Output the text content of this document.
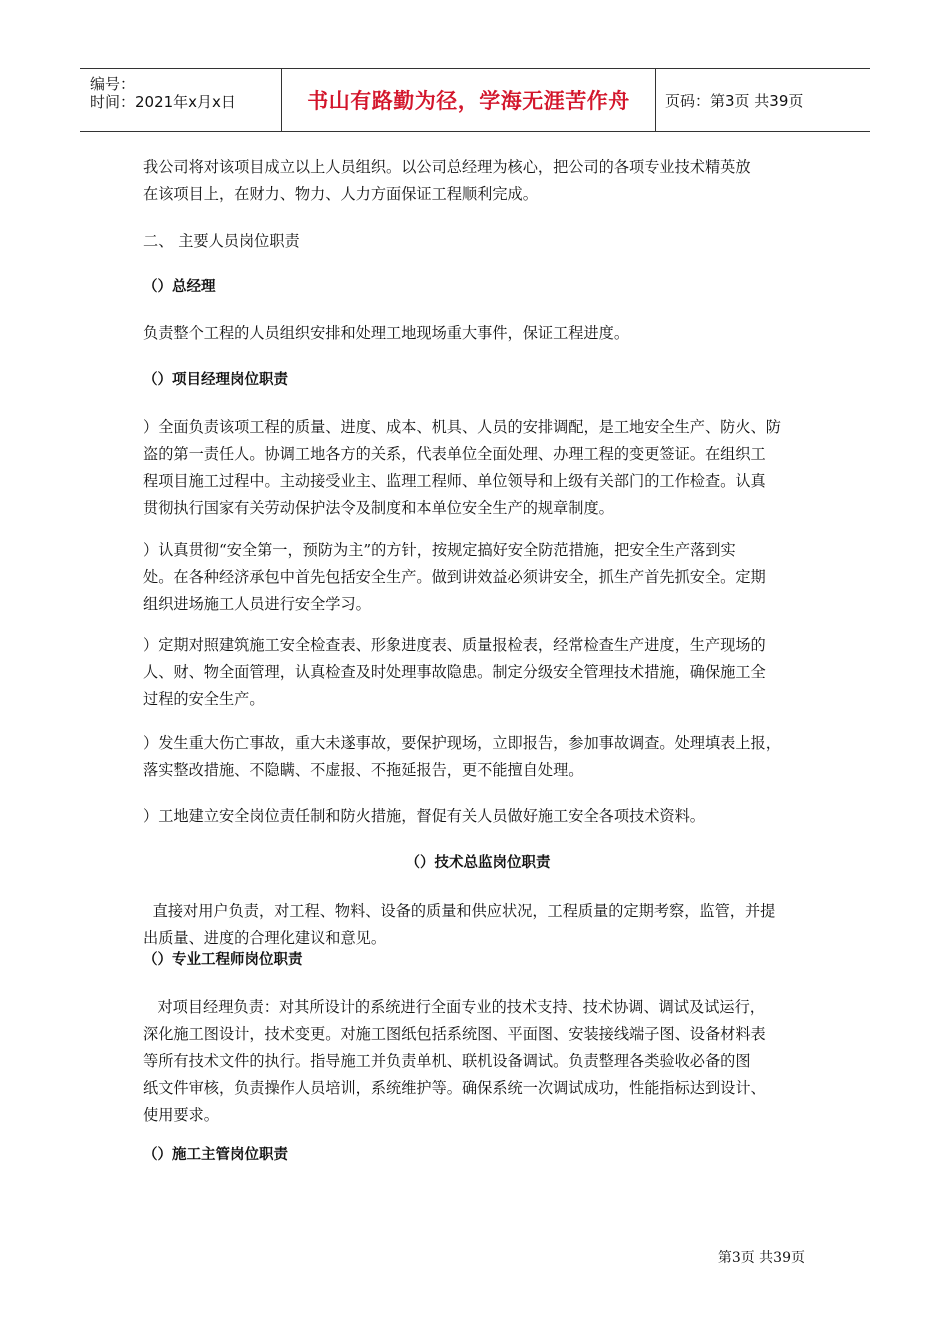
编号：
时间：2021年x月x日	书山有路勤为径，学海无涯苦作舟 页码：第3页 共39页
我公司将对该项目成立以上人员组织。以公司总经理为核心，把公司的各项专业技术精英放
在该项目上，在财力、物力、人力方面保证工程顺利完成。
二、 主要人员岗位职责
（）总经理
负责整个工程的人员组织安排和处理工地现场重大事件，保证工程进度。
（）项目经理岗位职责
）全面负责该项工程的质量、进度、成本、机具、人员的安排调配，是工地安全生产、防火、防
盗的第一责任人。协调工地各方的关系，代表单位全面处理、办理工程的变更签证。在组织工
程项目施工过程中。主动接受业主、监理工程师、单位领导和上级有关部门的工作检查。认真
贯彻执行国家有关劳动保护法令及制度和本单位安全生产的规章制度。
）认真贯彻“安全第一，预防为主”的方针，按规定搞好安全防范措施，把安全生产落到实
处。在各种经济承包中首先包括安全生产。做到讲效益必须讲安全，抓生产首先抓安全。定期
组织进场施工人员进行安全学习。
）定期对照建筑施工安全检查表、形象进度表、质量报检表，经常检查生产进度，生产现场的
人、财、物全面管理，认真检查及时处理事故隐患。制定分级安全管理技术措施，确保施工全
过程的安全生产。
）发生重大伤亡事故，重大未遂事故，要保护现场，立即报告，参加事故调查。处理填表上报，
落实整改措施、不隐瞒、不虚报、不拖延报告，更不能擅自处理。
）工地建立安全岗位责任制和防火措施，督促有关人员做好施工安全各项技术资料。
（）技术总监岗位职责
直接对用户负责，对工程、物料、设备的质量和供应状况，工程质量的定期考察，监管，并提
出质量、进度的合理化建议和意见。
（）专业工程师岗位职责
对项目经理负责：对其所设计的系统进行全面专业的技术支持、技术协调、调试及试运行，
深化施工图设计，技术变更。对施工图纸包括系统图、平面图、安装接线端子图、设备材料表
等所有技术文件的执行。指导施工并负责单机、联机设备调试。负责整理各类验收必备的图
纸文件审核，负责操作人员培训，系统维护等。确保系统一次调试成功，性能指标达到设计、
使用要求。
（）施工主管岗位职责
第3页 共39页
